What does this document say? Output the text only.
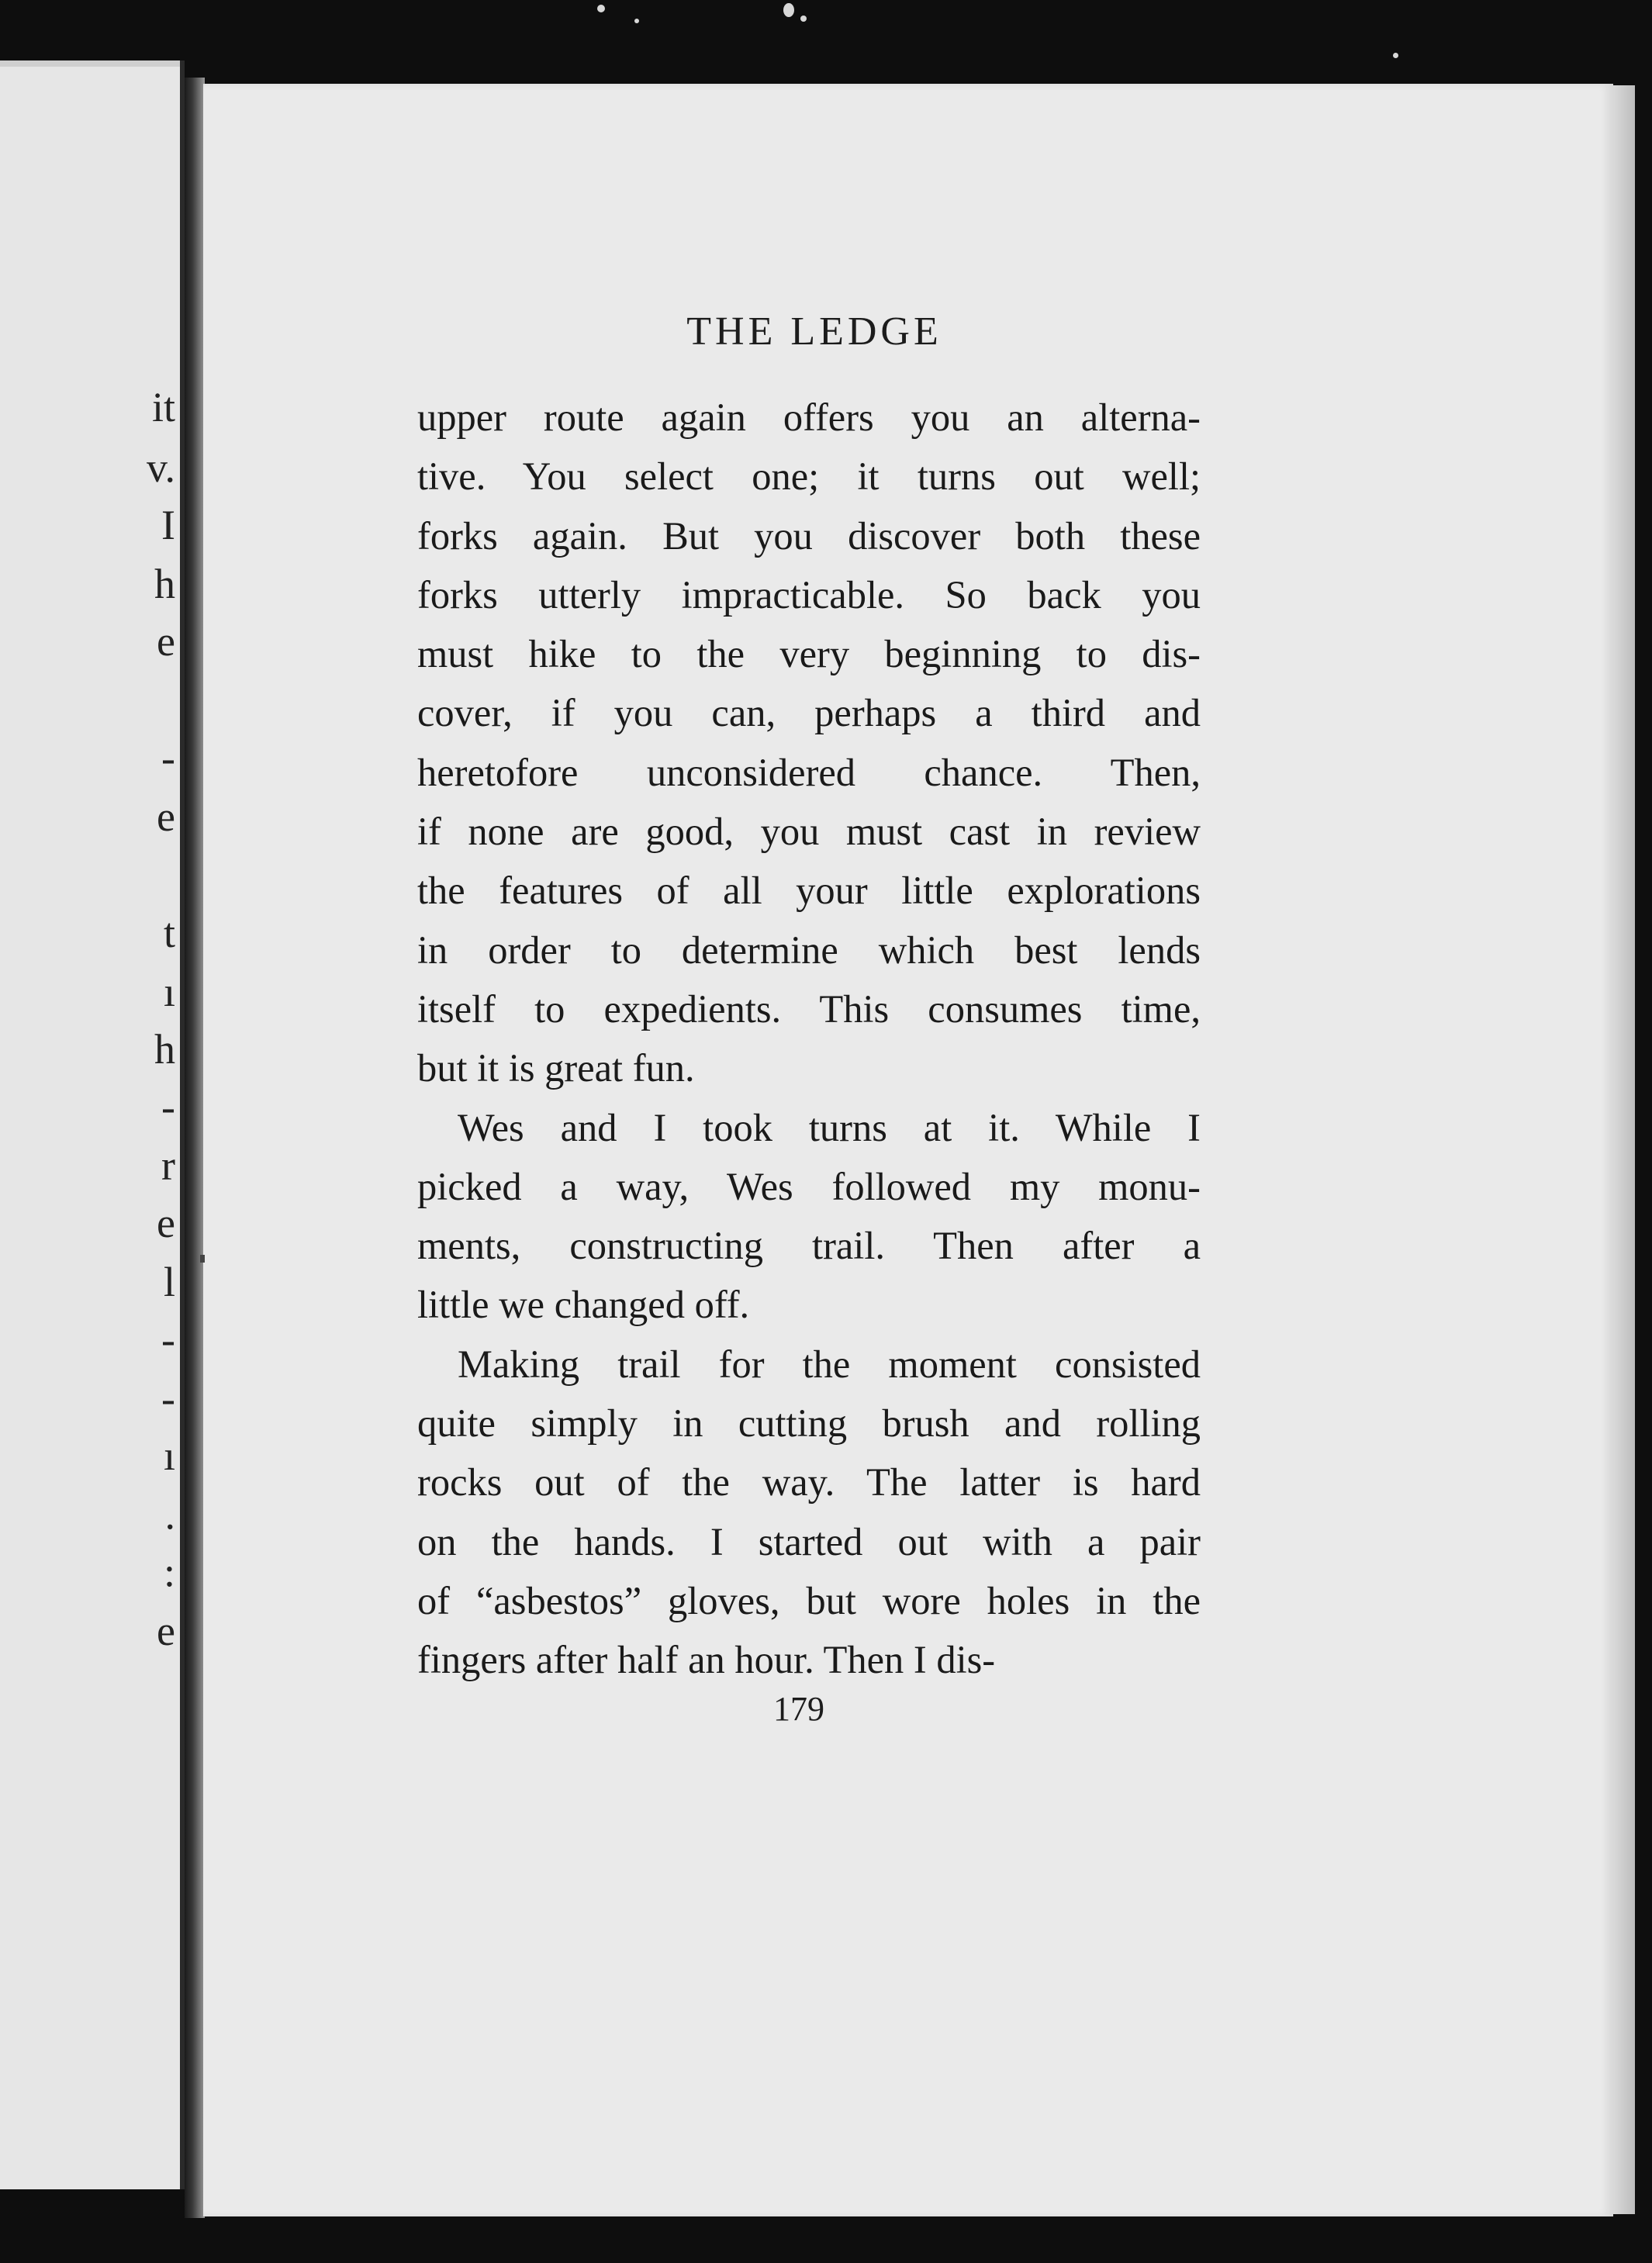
it
v.
I
h
e
-
e
t
ı
h
-
r
e
l
-
-
ı
.
:
e
THE LEDGE
upper route again offers you an alterna-
tive. You select one; it turns out well;
forks again. But you discover both these
forks utterly impracticable. So back you
must hike to the very beginning to dis-
cover, if you can, perhaps a third and
heretofore unconsidered chance. Then,
if none are good, you must cast in review
the features of all your little explorations
in order to determine which best lends
itself to expedients. This consumes time,
but it is great fun.
Wes and I took turns at it. While I
picked a way, Wes followed my monu-
ments, constructing trail. Then after a
little we changed off.
Making trail for the moment consisted
quite simply in cutting brush and rolling
rocks out of the way. The latter is hard
on the hands. I started out with a pair
of “asbestos” gloves, but wore holes in the
fingers after half an hour. Then I dis-
179
